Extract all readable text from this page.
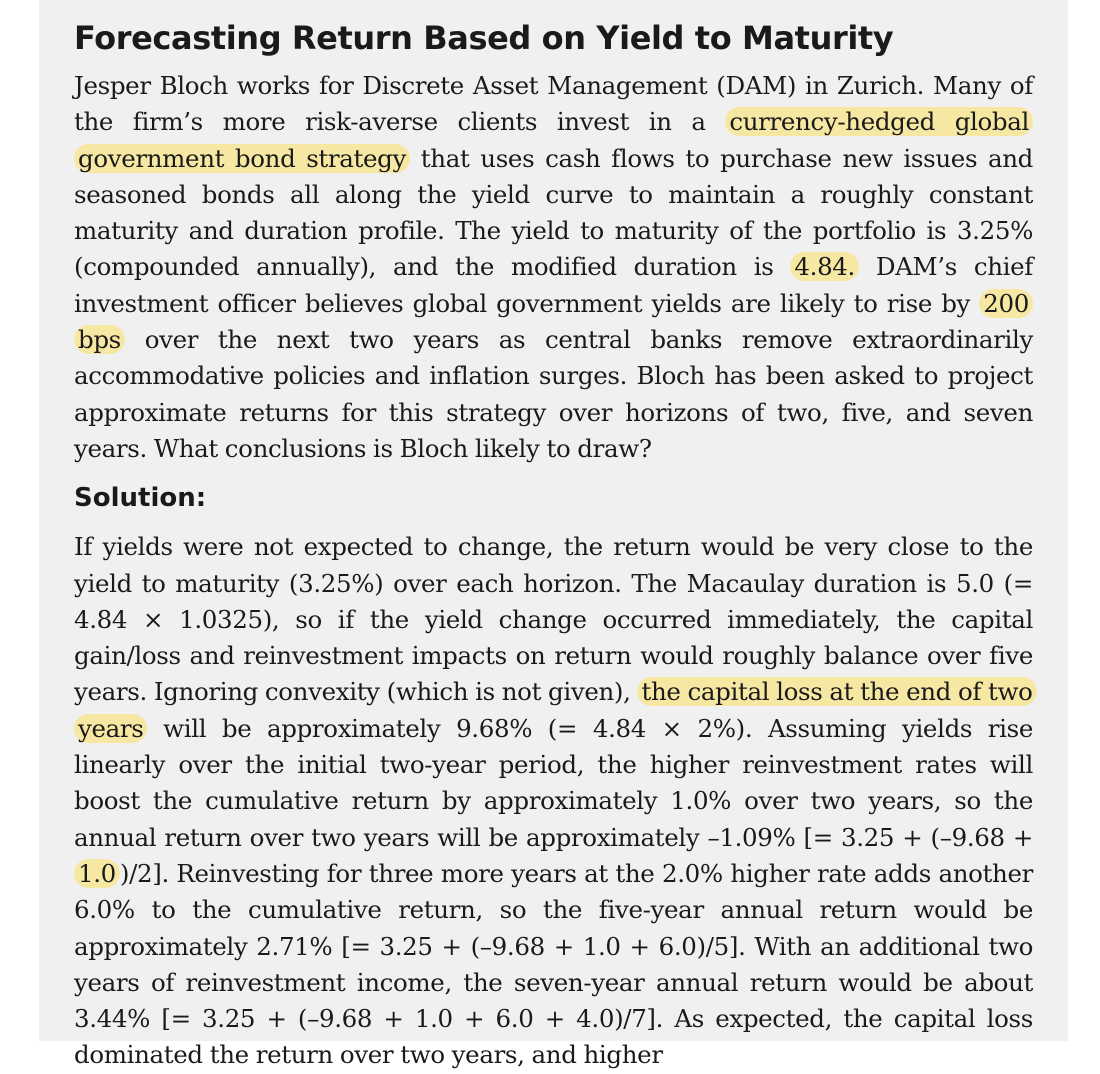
Forecasting Return Based on Yield to Maturity

Jesper Bloch works for Discrete Asset Management (DAM) in Zurich. Many of the firm’s more risk-averse clients invest in a currency-hedged global government bond strategy that uses cash flows to purchase new issues and seasoned bonds all along the yield curve to maintain a roughly constant maturity and duration profile. The yield to maturity of the portfolio is 3.25% (compounded annually), and the modified duration is 4.84. DAM’s chief investment officer believes global government yields are likely to rise by 200 bps over the next two years as central banks remove extraordinarily accommodative policies and inflation surges. Bloch has been asked to project approximate returns for this strategy over horizons of two, five, and seven years. What conclusions is Bloch likely to draw?

Solution:

If yields were not expected to change, the return would be very close to the yield to maturity (3.25%) over each horizon. The Macaulay duration is 5.0 (= 4.84 × 1.0325), so if the yield change occurred immediately, the capital gain/loss and reinvestment impacts on return would roughly balance over five years. Ignoring convexity (which is not given), the capital loss at the end of two years will be approximately 9.68% (= 4.84 × 2%). Assuming yields rise linearly over the initial two-year period, the higher reinvestment rates will boost the cumulative return by approximately 1.0% over two years, so the annual return over two years will be approximately –1.09% [= 3.25 + (–9.68 + 1.0 )/2]. Reinvesting for three more years at the 2.0% higher rate adds another 6.0% to the cumulative return, so the five-year annual return would be approximately 2.71% [= 3.25 + (–9.68 + 1.0 + 6.0)/5]. With an additional two years of reinvestment income, the seven-year annual return would be about 3.44% [= 3.25 + (–9.68 + 1.0 + 6.0 + 4.0)/7]. As expected, the capital loss dominated the return over two years, and higher
